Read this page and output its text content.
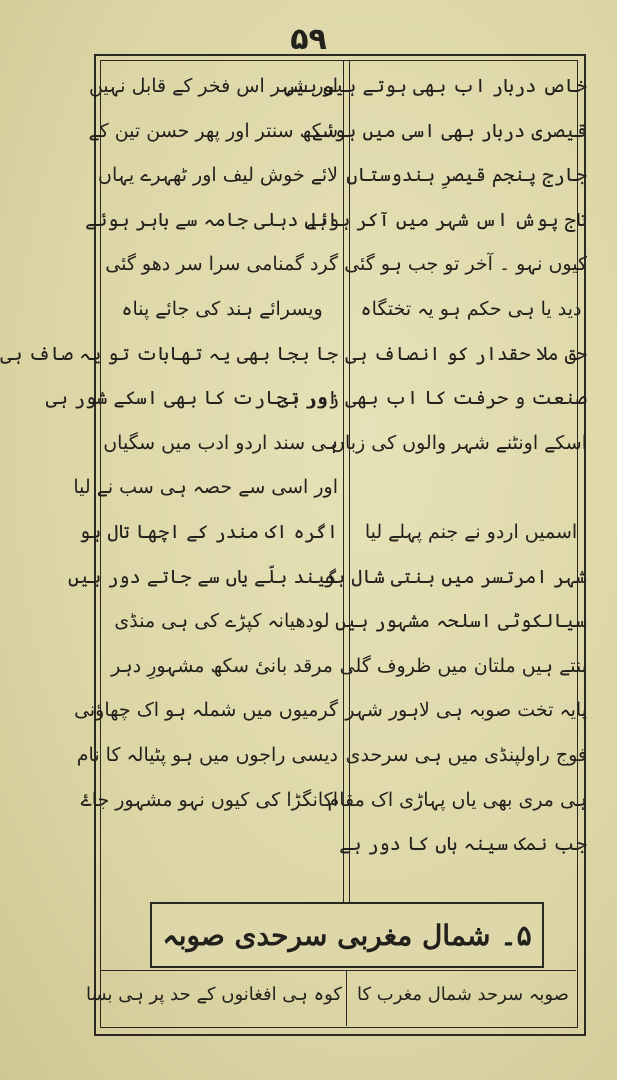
۵۹
خاص دربار اب بھی ہوتے ہیں ہیں
قیصری دربار بھی اسی میں ہوئے
جارج پنجم قیصرِ ہندوستاں
تاج پوش اس شہر میں آکر ہوئے
کیوں نہو ۔ آخر تو جب ہو گئی
دید یا ہی حکم ہو یہ تختگاہ
حق ملا حقدار کو انصاف ہی
صنعت و حرفت کا اب بھی زور ہی
اسکے اونٹنے شہر والوں کی زباں
اسمیں اردو نے جنم پہلے لیا
شہر امرتسر میں بنتی شال ہو
سیالکوٹی اسلحہ مشہور ہیں
بنتے ہیں ملتان میں ظروف گلی
پایہ تخت صوبہ ہی لاہور شہر
فوج راولپنڈی میں ہی سرحدی
ہی مری بھی یاں پہاڑی اک مقام
جب نمک سینہ ہاں کا دور ہے
اور شہر اس فخر کے قابل نہیں
سکھ سنتر اور پھر حسن تین کے
لائے خوش لیف اور ٹھہرے یہاں
اہل دہلی جامہ سے باہر ہوئے
گرد گمنامی سرا سر دھو گئی
ویسرائے ہند کی جائے پناہ
جا بجا بھی یہ تھابات تو یہ صاف ہی
اور تجارت کا بھی اسکے شور ہی
ہی سند اردو ادب میں سگیاں
اور اسی سے حصہ ہی سب نے لیا
اگرہ اک مندر کے اچھا تال ہو
گیند بلّے یاں سے جاتے دور ہیں
لودھیانہ کپڑے کی ہی منڈی
مرقد بانیٔ سکھ مشہورِ دہر
گرمیوں میں شملہ ہو اک چھاؤنی
دیسی راجوں میں ہو پٹیالہ کا نام
اکانگڑا کی کیوں نہو مشہور جاۓ
۵۔ شمال مغربی سرحدی صوبہ
صوبہ سرحد شمال مغرب کا
کوہ ہی افغانوں کے حد پر ہی بسا
